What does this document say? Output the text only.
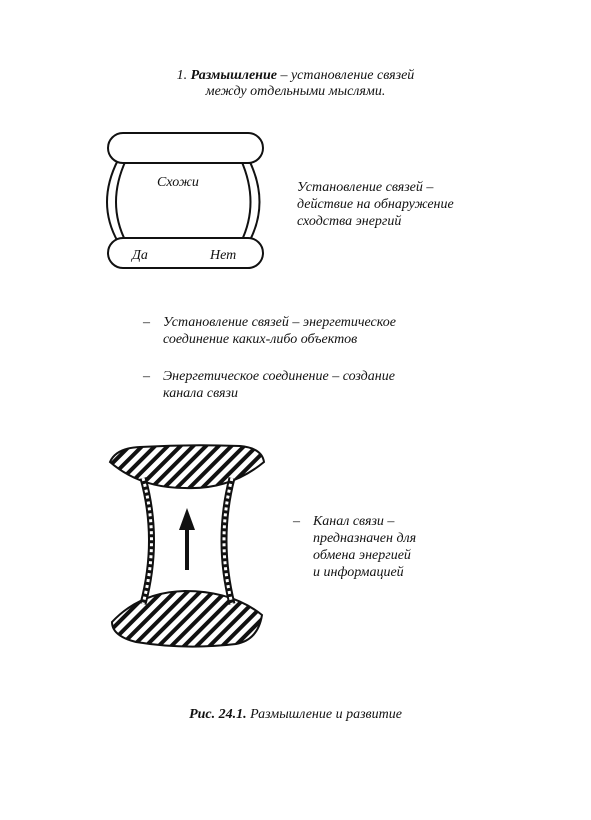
1. Размышление – установление связей
между отдельными мыслями.
Схожи
Да	Нет
Установление связей –
действие на обнаружение
сходства энергий
– Установление связей – энергетическое
соединение каких-либо объектов
– Энергетическое соединение – создание
канала связи
– Канал связи –
предназначен для
обмена энергией
и информацией
Рис. 24.1. Размышление и развитие
